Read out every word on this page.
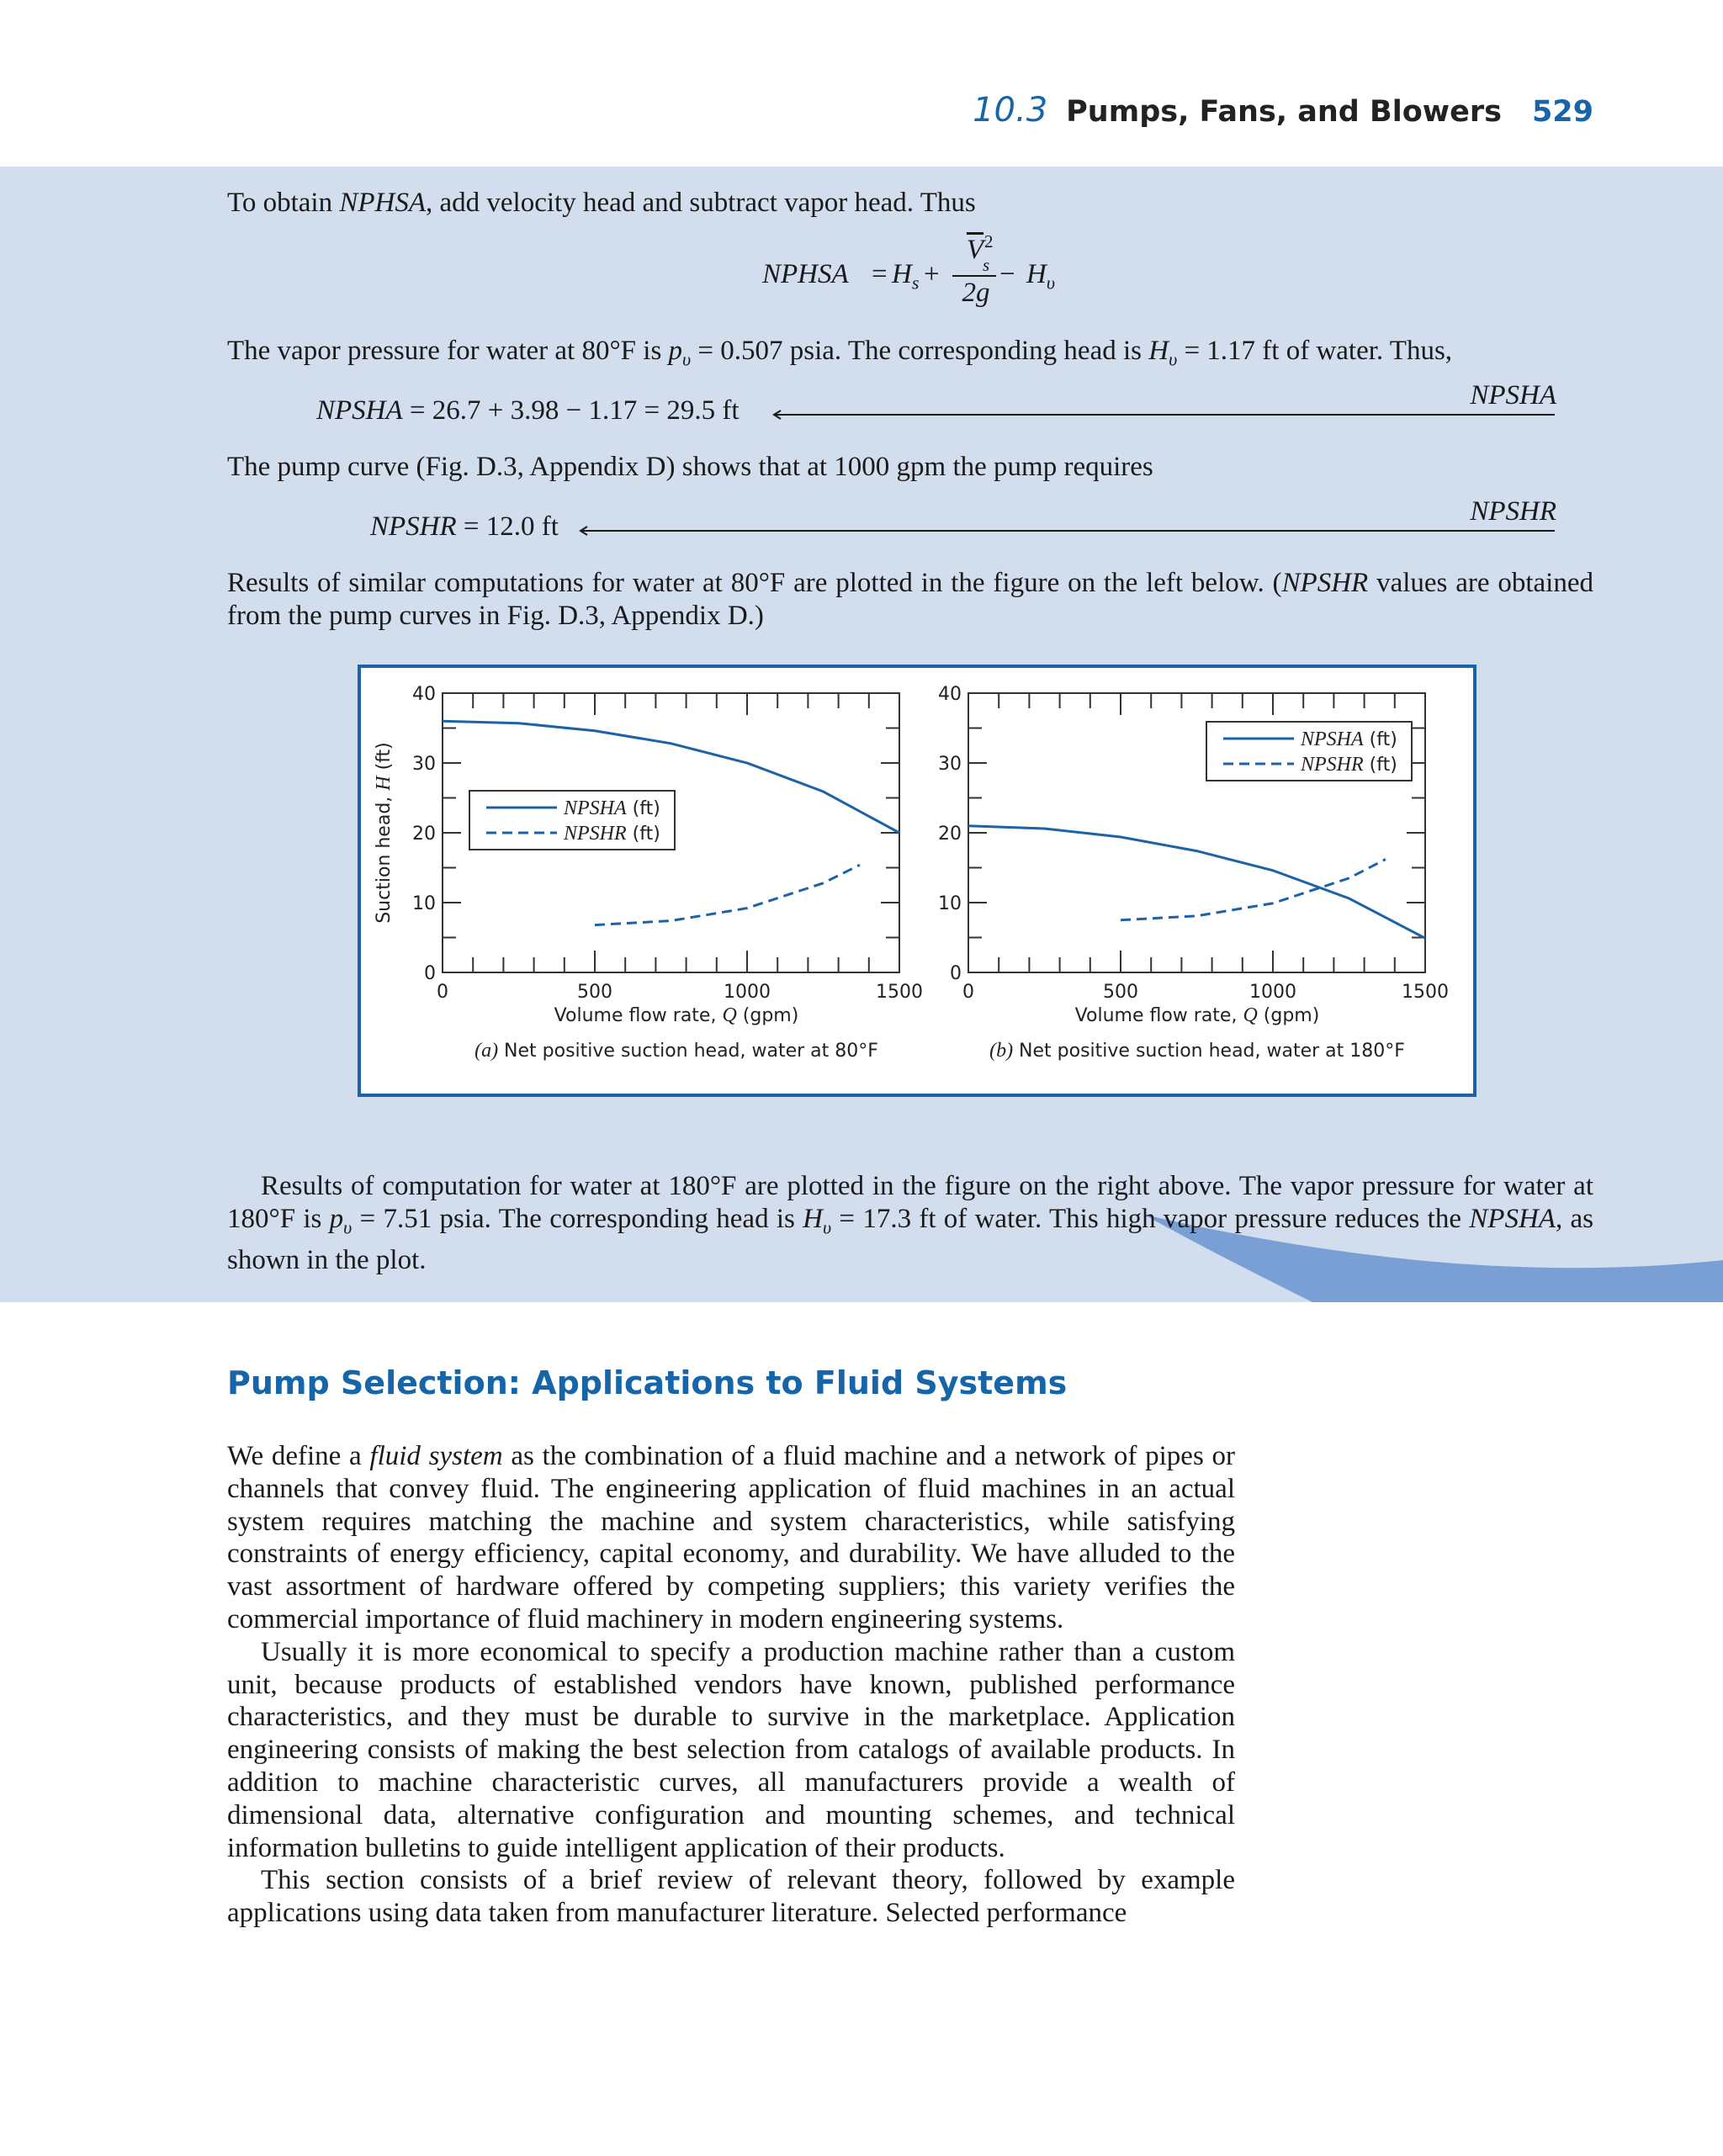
10.3 Pumps, Fans, and Blowers 529
To obtain NPHSA, add velocity head and subtract vapor head. Thus
NPHSA = $H_s$ +
$\overline{V}$ 2
s
2g
− $H_\upsilon$
The vapor pressure for water at 80°F is $p_\upsilon = 0.507$ psia. The corresponding head is $H_\upsilon = 1.17$ ft of water. Thus,
NPSHA = 26.7 + 3.98 − 1.17 = 29.5 ft	NPSHA
The pump curve (Fig. D.3, Appendix D) shows that at 1000 gpm the pump requires
NPSHR = 12.0 ft	NPSHR
Results of similar computations for water at 80°F are plotted in the figure on the left below. (NPSHR values are obtained from the pump curves in Fig. D.3, Appendix D.)
0	500	1000	1500
0
10
20
30
40
NPSHA (ft)
NPSHR (ft)
Volume flow rate, Q (gpm)
(a) Net positive suction head, water at 80°F
Suction head, H (ft)
0	500	1000	1500
0
10
20
30
40
NPSHA (ft)
NPSHR (ft)
Volume flow rate, Q (gpm)
(b) Net positive suction head, water at 180°F
Results of computation for water at 180°F are plotted in the figure on the right above. The vapor pressure for water at 180°F is $p_\upsilon = 7.51$ psia. The corresponding head is $H_\upsilon = 17.3$ ft of water. This high vapor pressure reduces the NPSHA, as shown in the plot.
Pump Selection: Applications to Fluid Systems

We define a fluid system as the combination of a fluid machine and a network of pipes or channels that convey fluid. The engineering application of fluid machines in an actual system requires matching the machine and system characteristics, while satisfying constraints of energy efficiency, capital economy, and durability. We have alluded to the vast assortment of hardware offered by competing suppliers; this variety verifies the commercial importance of fluid machinery in modern engineering systems.

Usually it is more economical to specify a production machine rather than a custom unit, because products of established vendors have known, published performance characteristics, and they must be durable to survive in the marketplace. Application engineering consists of making the best selection from catalogs of available products. In addition to machine characteristic curves, all manufacturers provide a wealth of dimensional data, alternative configuration and mounting schemes, and technical information bulletins to guide intelligent application of their products.

This section consists of a brief review of relevant theory, followed by example applications using data taken from manufacturer literature. Selected performance
